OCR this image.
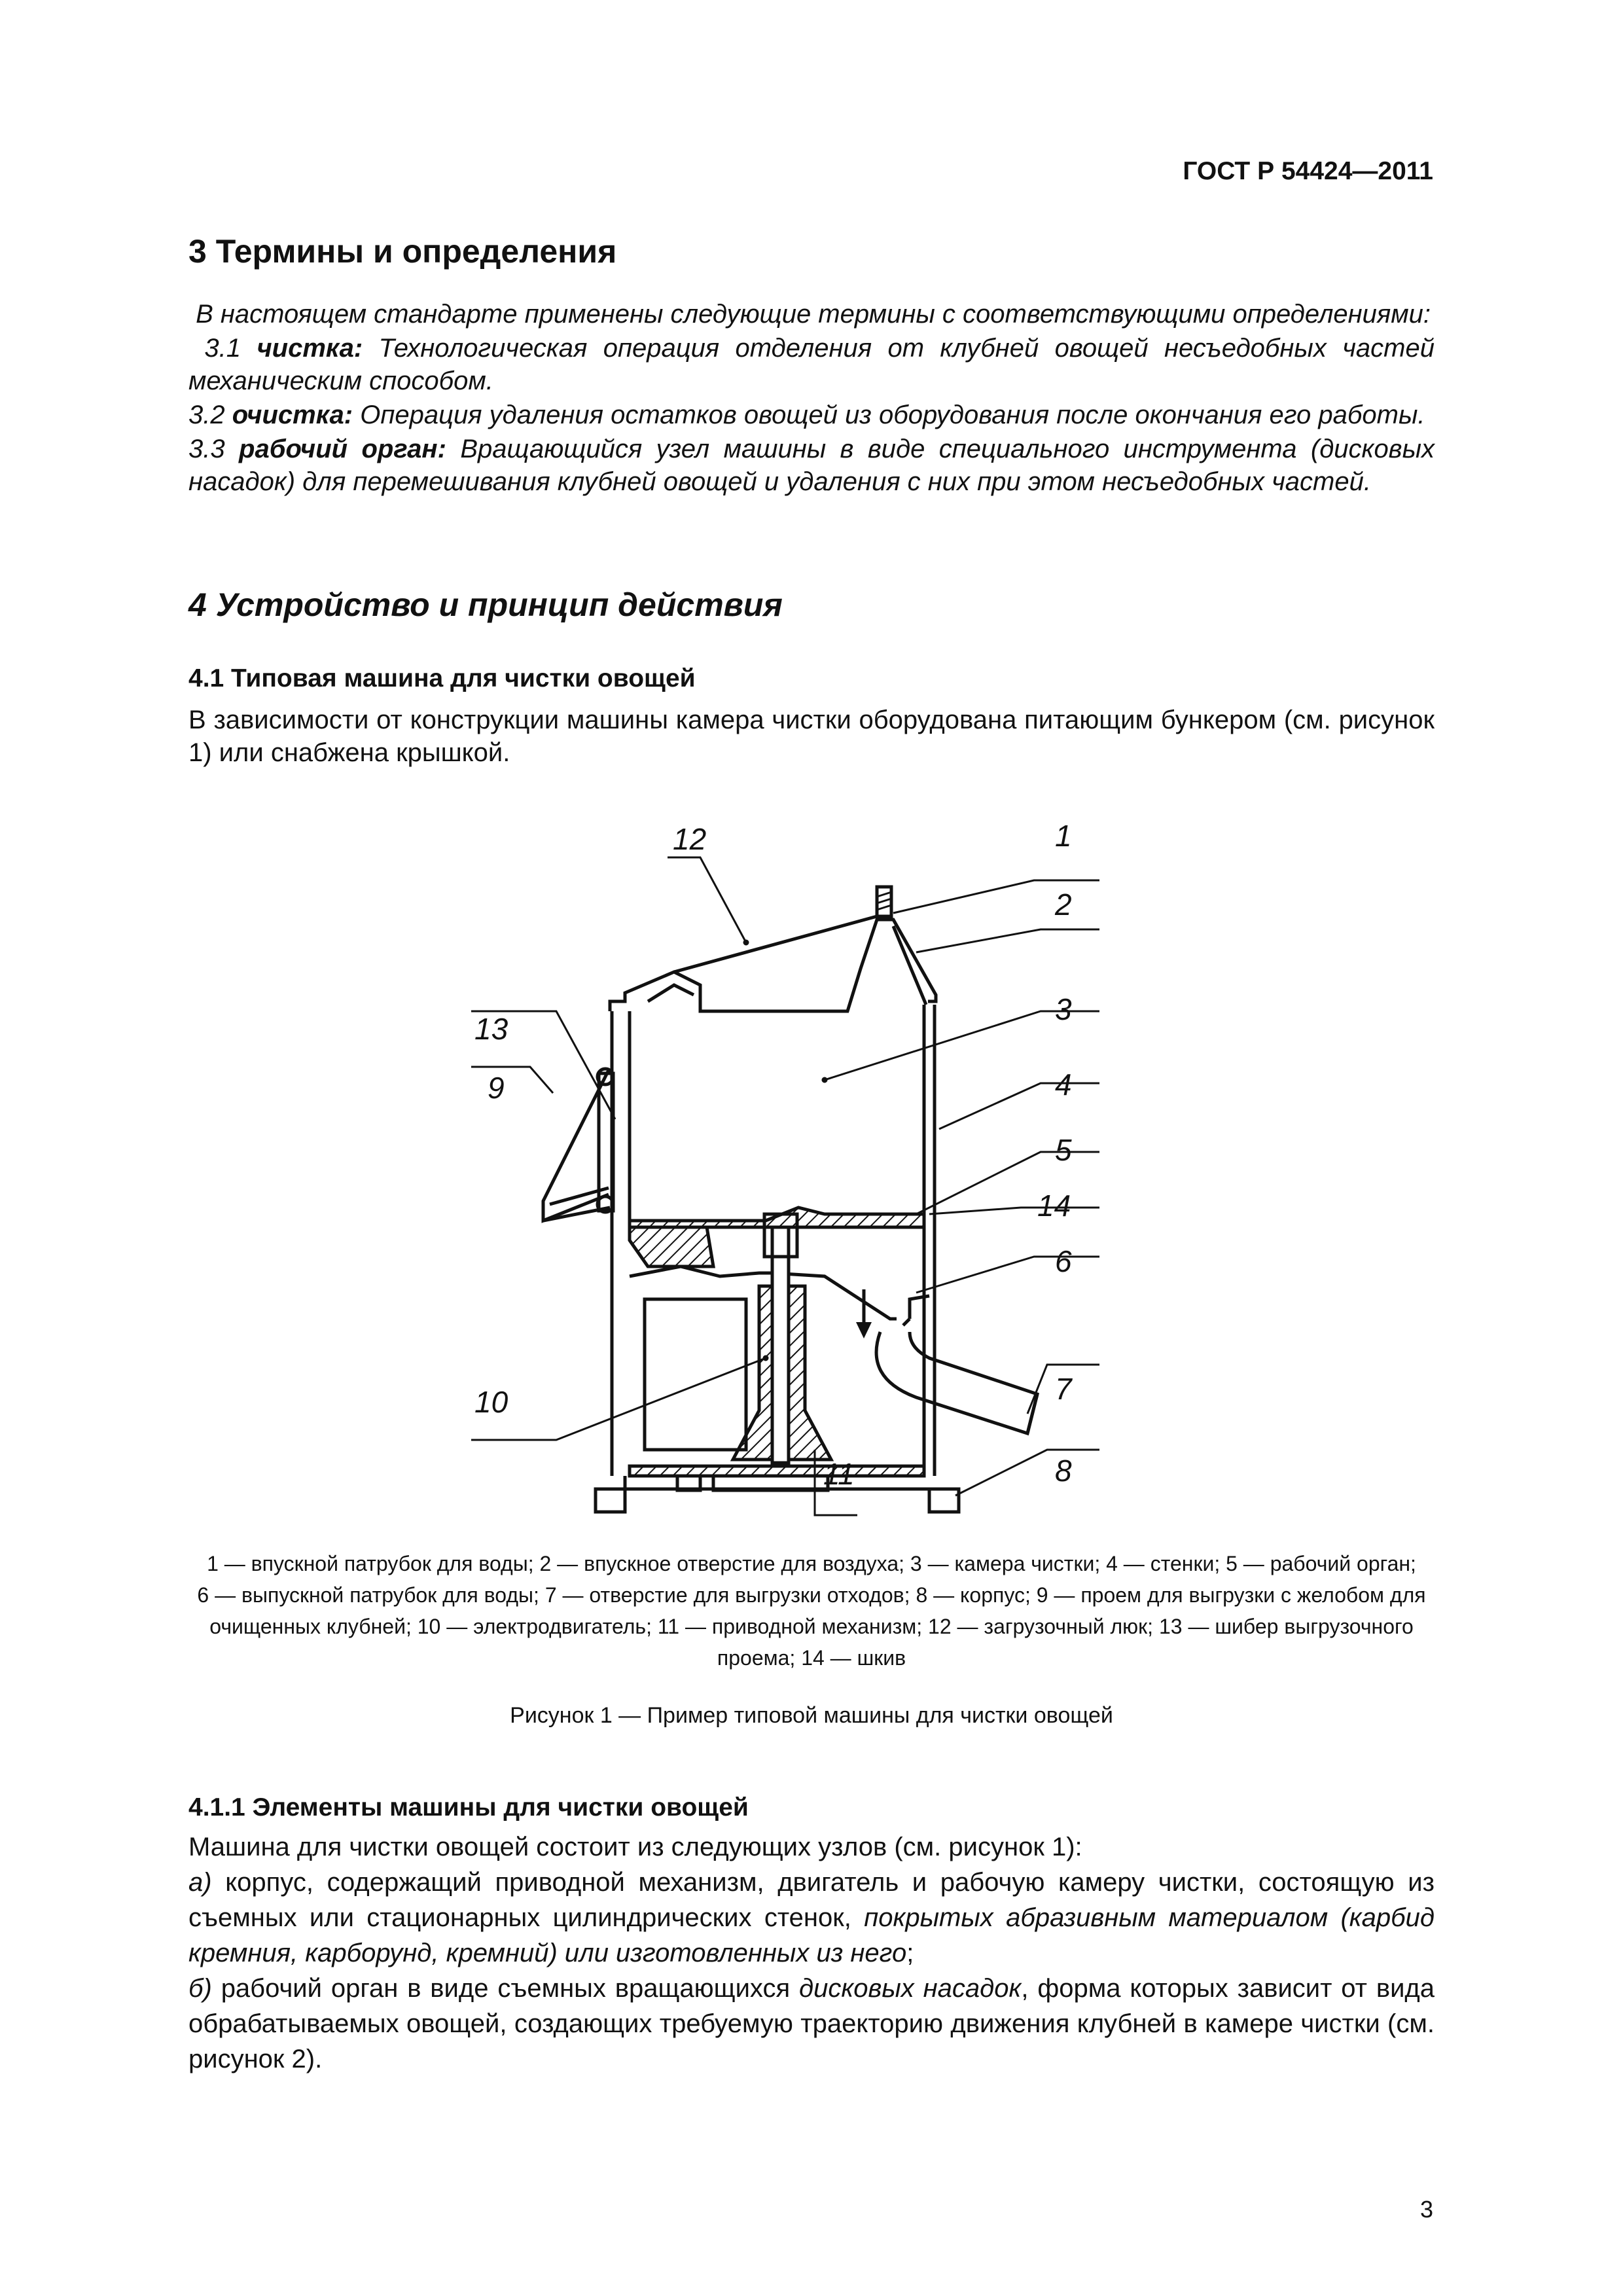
ГОСТ Р 54424—2011
3 Термины и определения

В настоящем стандарте применены следующие термины с соответствующими определениями:

3.1 чистка: Технологическая операция отделения от клубней овощей несъедобных частей механическим способом.

3.2 очистка: Операция удаления остатков овощей из оборудования после окончания его работы.

3.3 рабочий орган: Вращающийся узел машины в виде специального инструмента (дисковых насадок) для перемешивания клубней овощей и удаления с них при этом несъедобных частей.

4 Устройство и принцип действия
4.1 Типовая машина для чистки овощей

В зависимости от конструкции машины камера чистки оборудована питающим бункером (см. рисунок 1) или снабжена крышкой.

1
2
3
4
5
6
7
8
9
10
11
12
13
14
1 — впускной патрубок для воды; 2 — впускное отверстие для воздуха; 3 — камера чистки; 4 — стенки; 5 — рабочий орган;
6 — выпускной патрубок для воды; 7 — отверстие для выгрузки отходов; 8 — корпус; 9 — проем для выгрузки с желобом для
очищенных клубней; 10 — электродвигатель; 11 — приводной механизм; 12 — загрузочный люк; 13 — шибер выгрузочного
проема; 14 — шкив
Рисунок 1 — Пример типовой машины для чистки овощей
4.1.1 Элементы машины для чистки овощей

Машина для чистки овощей состоит из следующих узлов (см. рисунок 1):

а) корпус, содержащий приводной механизм, двигатель и рабочую камеру чистки, состоящую из съемных или стационарных цилиндрических стенок, покрытых абразивным материалом (карбид кремния, карборунд, кремний) или изготовленных из него;

б) рабочий орган в виде съемных вращающихся дисковых насадок, форма которых зависит от вида обрабатываемых овощей, создающих требуемую траекторию движения клубней в камере чистки (см. рисунок 2).

3
